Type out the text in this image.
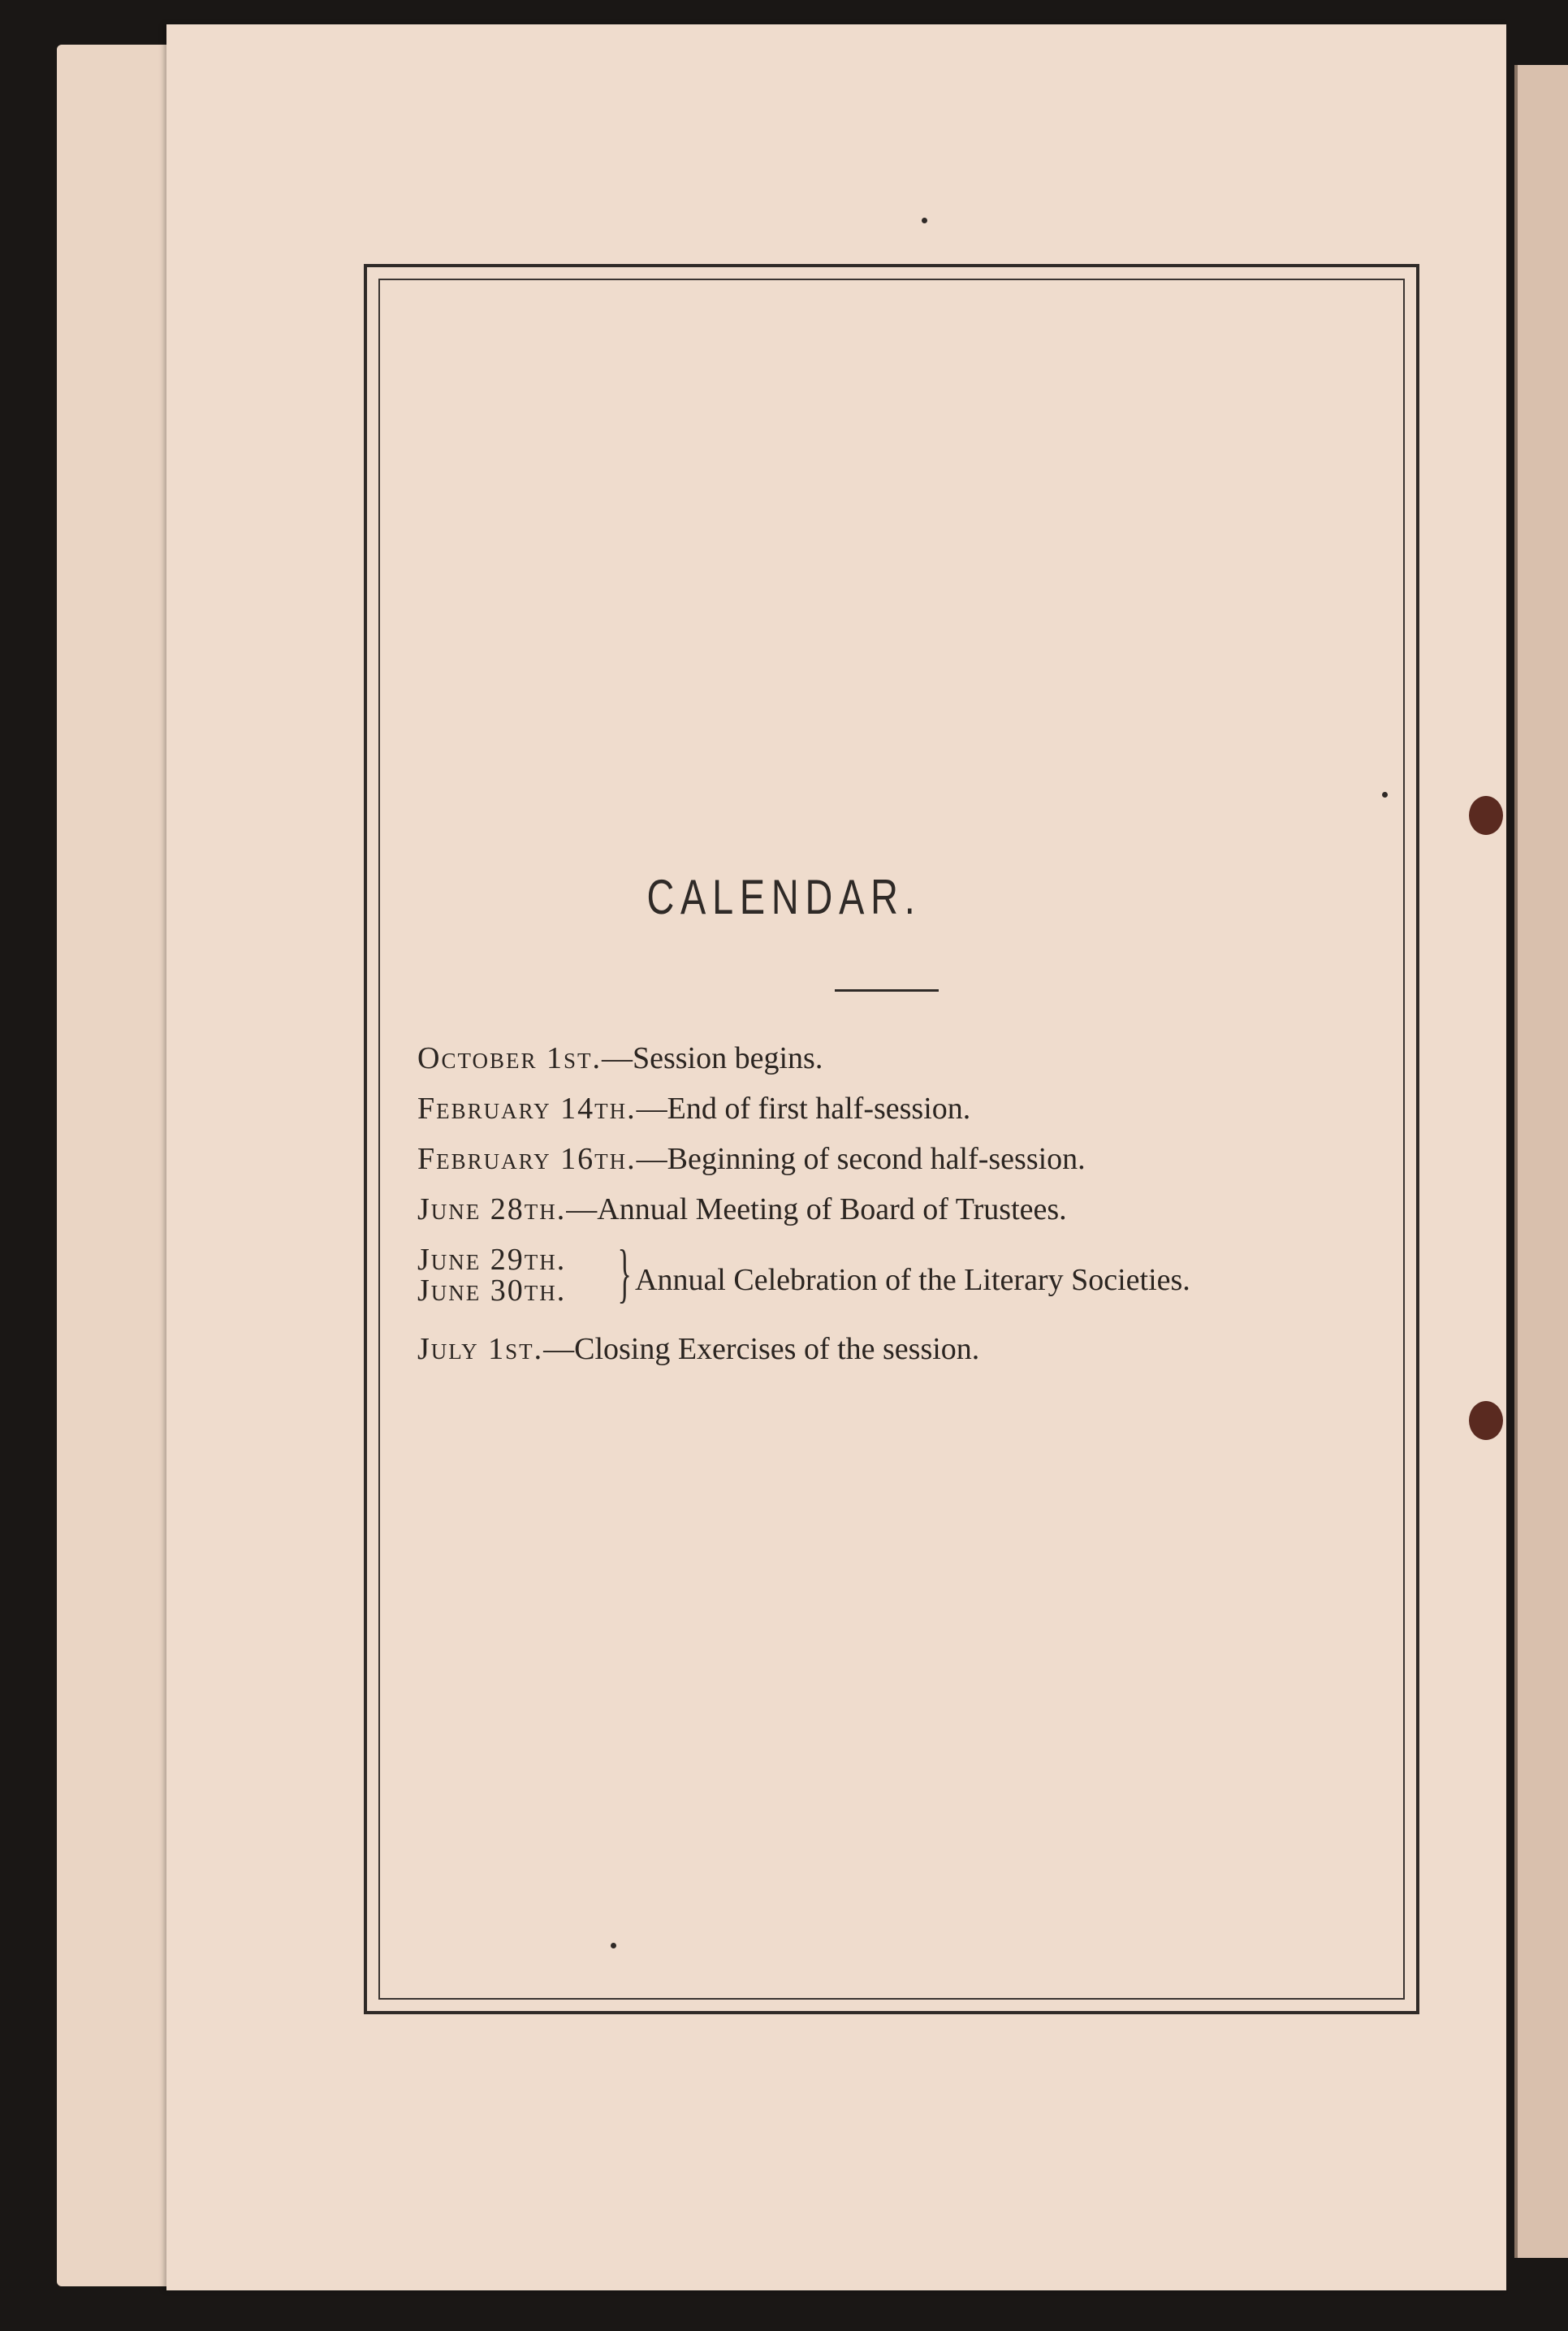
CALENDAR.
October 1st.—Session begins.
February 14th.—End of first half-session.
February 16th.—Beginning of second half-session.
June 28th.—Annual Meeting of Board of Trustees.
June 29th.
June 30th. } Annual Celebration of the Literary Societies.
July 1st.—Closing Exercises of the session.
